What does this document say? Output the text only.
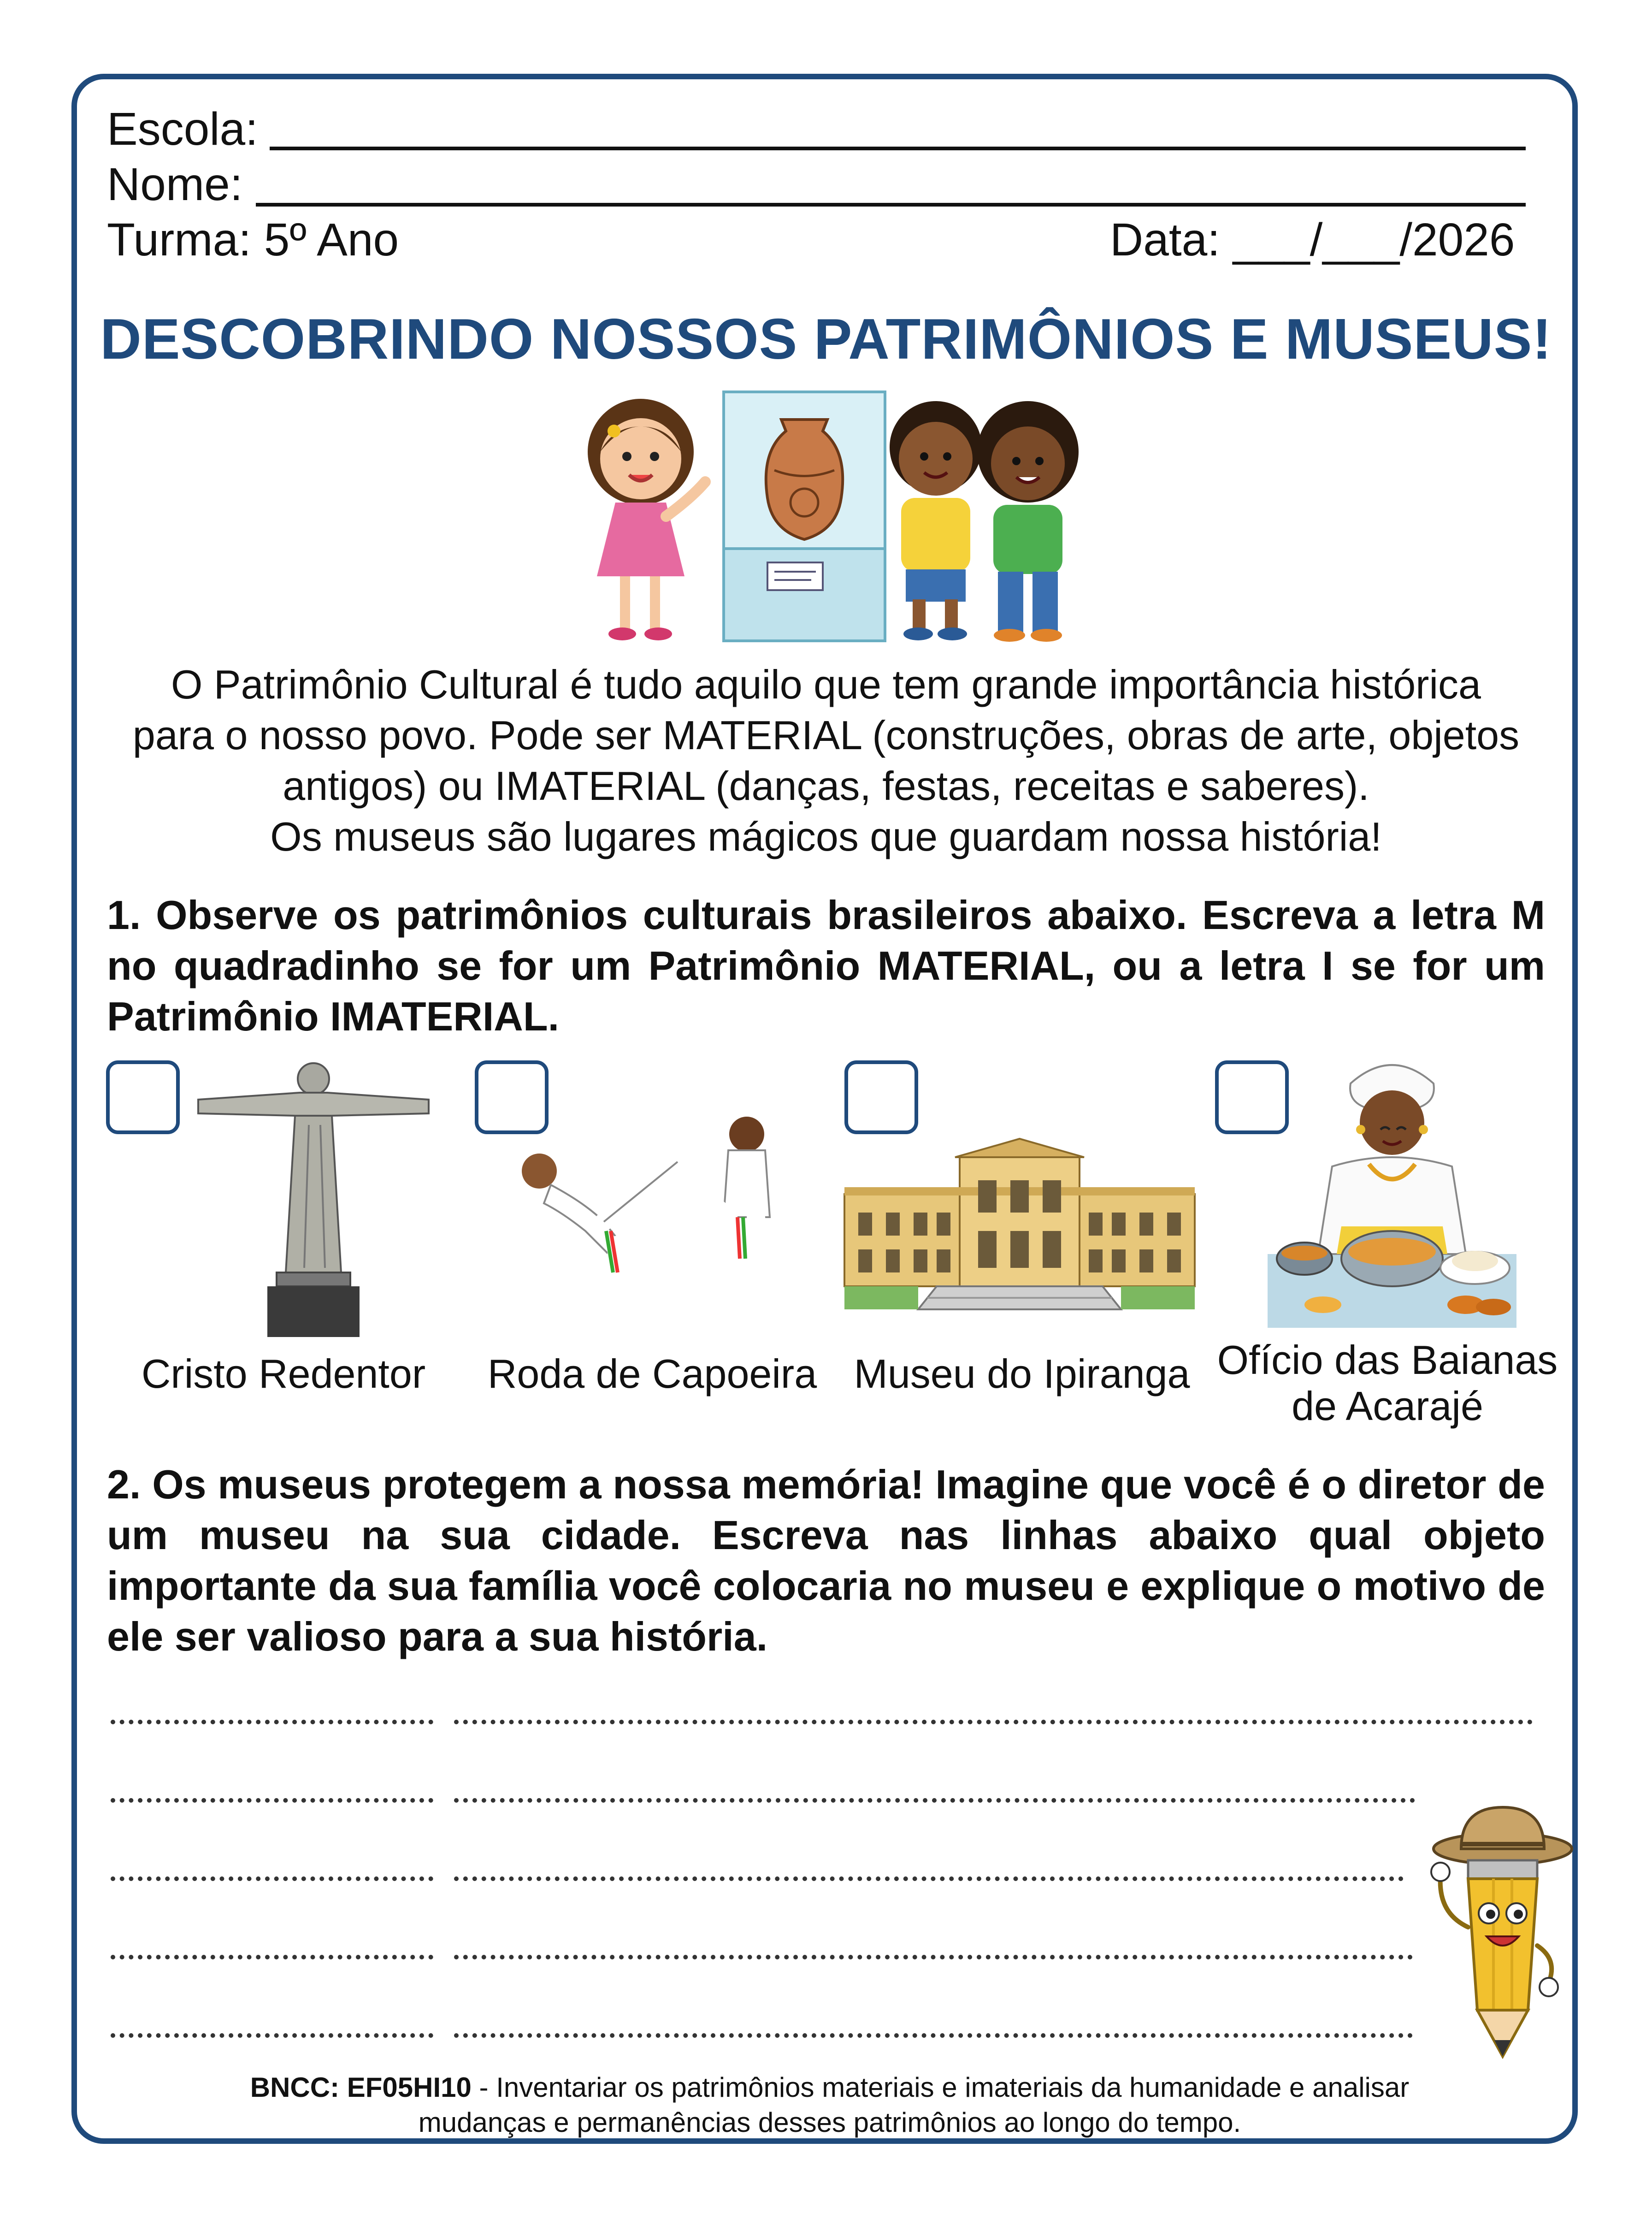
Escola:
Nome:
Turma: 5º Ano	Data: ___/___/2026
DESCOBRINDO NOSSOS PATRIMÔNIOS E MUSEUS!
O Patrimônio Cultural é tudo aquilo que tem grande importância histórica
para o nosso povo. Pode ser MATERIAL (construções, obras de arte, objetos
antigos) ou IMATERIAL (danças, festas, receitas e saberes).
Os museus são lugares mágicos que guardam nossa história!
1. Observe os patrimônios culturais brasileiros abaixo. Escreva a letra M no quadradinho se for um Patrimônio MATERIAL, ou a letra I se for um Patrimônio IMATERIAL.
Cristo Redentor	Roda de Capoeira Museu do Ipiranga Ofício das Baianas
de Acarajé
2. Os museus protegem a nossa memória! Imagine que você é o diretor de um museu na sua cidade. Escreva nas linhas abaixo qual objeto importante da sua família você colocaria no museu e explique o motivo de ele ser valioso para a sua história.
BNCC: EF05HI10 - Inventariar os patrimônios materiais e imateriais da humanidade e analisar
mudanças e permanências desses patrimônios ao longo do tempo.
